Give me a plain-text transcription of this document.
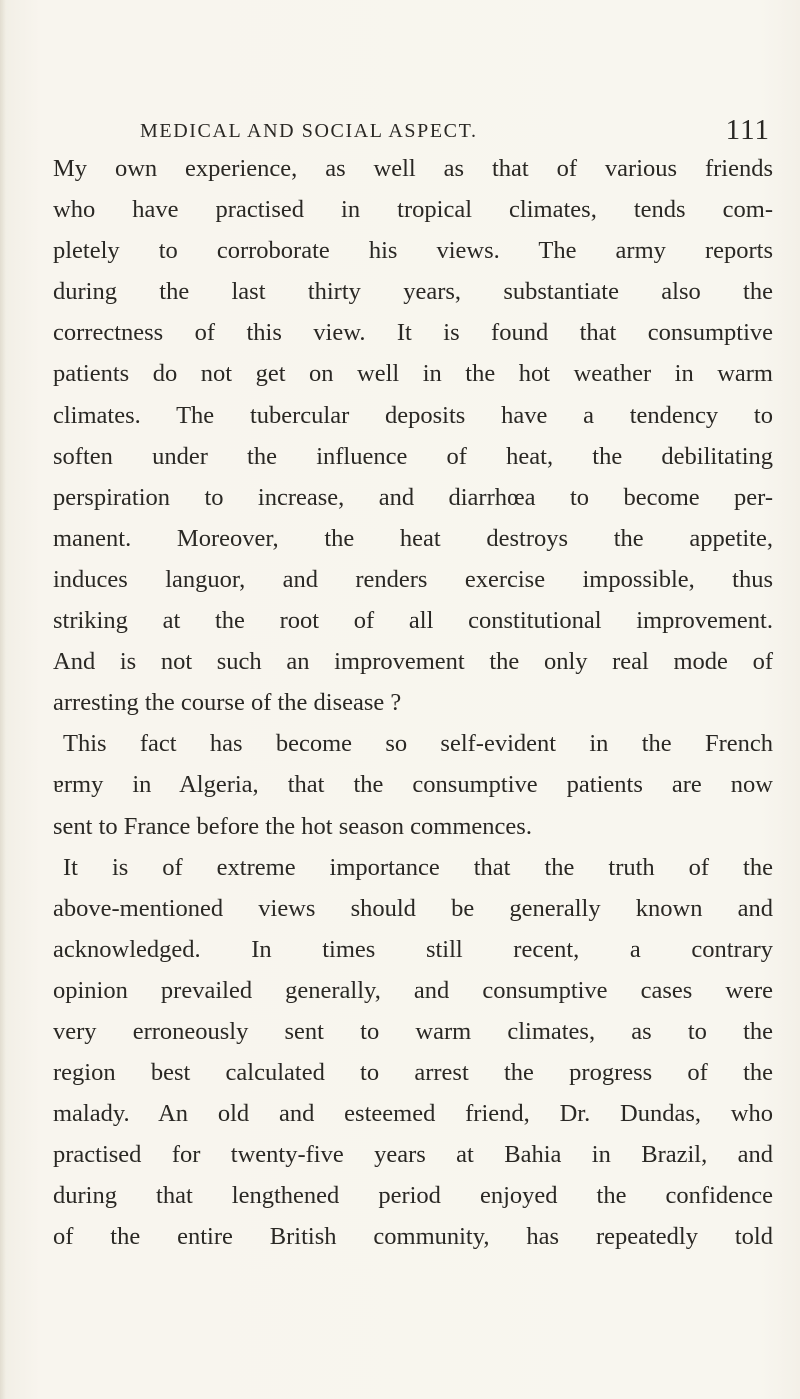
MEDICAL AND SOCIAL ASPECT.	111
My own experience, as well as that of various friends
who have practised in tropical climates, tends com-
pletely to corroborate his views. The army reports
during the last thirty years, substantiate also the
correctness of this view. It is found that consumptive
patients do not get on well in the hot weather in warm
climates. The tubercular deposits have a tendency to
soften under the influence of heat, the debilitating
perspiration to increase, and diarrhœa to become per-
manent. Moreover, the heat destroys the appetite,
induces languor, and renders exercise impossible, thus
striking at the root of all constitutional improvement.
And is not such an improvement the only real mode of
arresting the course of the disease ?
This fact has become so self-evident in the French
ɐrmy in Algeria, that the consumptive patients are now
sent to France before the hot season commences.
It is of extreme importance that the truth of the
above-mentioned views should be generally known and
acknowledged. In times still recent, a contrary
opinion prevailed generally, and consumptive cases were
very erroneously sent to warm climates, as to the
region best calculated to arrest the progress of the
malady. An old and esteemed friend, Dr. Dundas, who
practised for twenty-five years at Bahia in Brazil, and
during that lengthened period enjoyed the confidence
of the entire British community, has repeatedly told
